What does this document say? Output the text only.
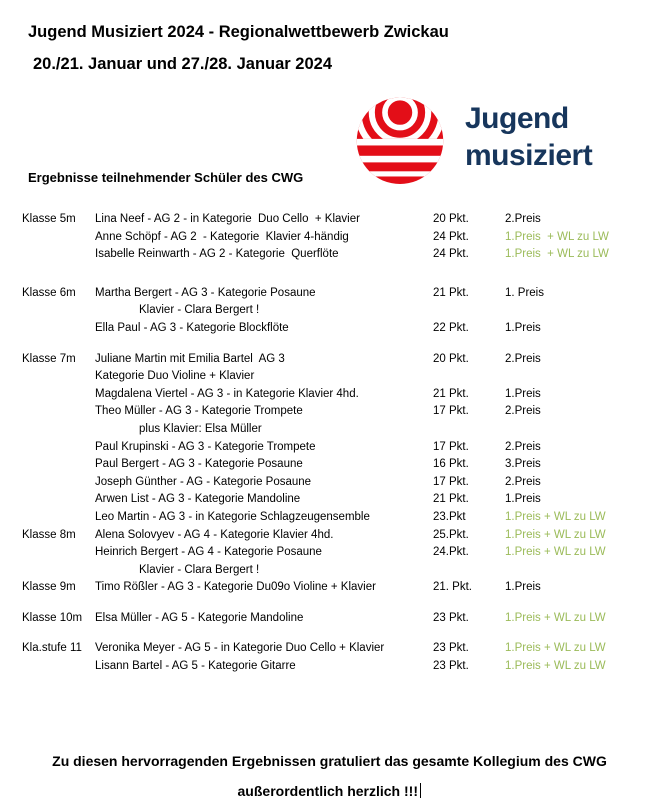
Jugend Musiziert 2024 - Regionalwettbewerb Zwickau
20./21. Januar und 27./28. Januar 2024
Jugend
musiziert
Ergebnisse teilnehmender Schüler des CWG
Klasse 5m	Lina Neef - AG 2 - in Kategorie  Duo Cello  + Klavier	20 Pkt.	2.Preis
Anne Schöpf - AG 2  - Kategorie  Klavier 4-händig	24 Pkt.	1.Preis  + WL zu LW
Isabelle Reinwarth - AG 2 - Kategorie  Querflöte	24 Pkt.	1.Preis  + WL zu LW
Klasse 6m	Martha Bergert - AG 3 - Kategorie Posaune	21 Pkt.	1. Preis
Klavier - Clara Bergert !
Ella Paul - AG 3 - Kategorie Blockflöte	22 Pkt.	1.Preis
Klasse 7m	Juliane Martin mit Emilia Bartel  AG 3	20 Pkt.	2.Preis
Kategorie Duo Violine + Klavier
Magdalena Viertel - AG 3 - in Kategorie Klavier 4hd.	21 Pkt.	1.Preis
Theo Müller - AG 3 - Kategorie Trompete	17 Pkt.	2.Preis
plus Klavier: Elsa Müller
Paul Krupinski - AG 3 - Kategorie Trompete	17 Pkt.	2.Preis
Paul Bergert - AG 3 - Kategorie Posaune	16 Pkt.	3.Preis
Joseph Günther - AG - Kategorie Posaune	17 Pkt.	2.Preis
Arwen List - AG 3 - Kategorie Mandoline	21 Pkt.	1.Preis
Leo Martin - AG 3 - in Kategorie Schlagzeugensemble	23.Pkt	1.Preis + WL zu LW
Klasse 8m	Alena Solovyev - AG 4 - Kategorie Klavier 4hd.	25.Pkt.	1.Preis + WL zu LW
Heinrich Bergert - AG 4 - Kategorie Posaune	24.Pkt.	1.Preis + WL zu LW
Klavier - Clara Bergert !
Klasse 9m	Timo Rößler - AG 3 - Kategorie Du09o Violine + Klavier	21. Pkt.	1.Preis
Klasse 10m	Elsa Müller - AG 5 - Kategorie Mandoline	23 Pkt.	1.Preis + WL zu LW
Kla.stufe 11	Veronika Meyer - AG 5 - in Kategorie Duo Cello + Klavier	23 Pkt.	1.Preis + WL zu LW
Lisann Bartel - AG 5 - Kategorie Gitarre	23 Pkt.	1.Preis + WL zu LW
Zu diesen hervorragenden Ergebnissen gratuliert das gesamte Kollegium des CWG
außerordentlich herzlich !!!
